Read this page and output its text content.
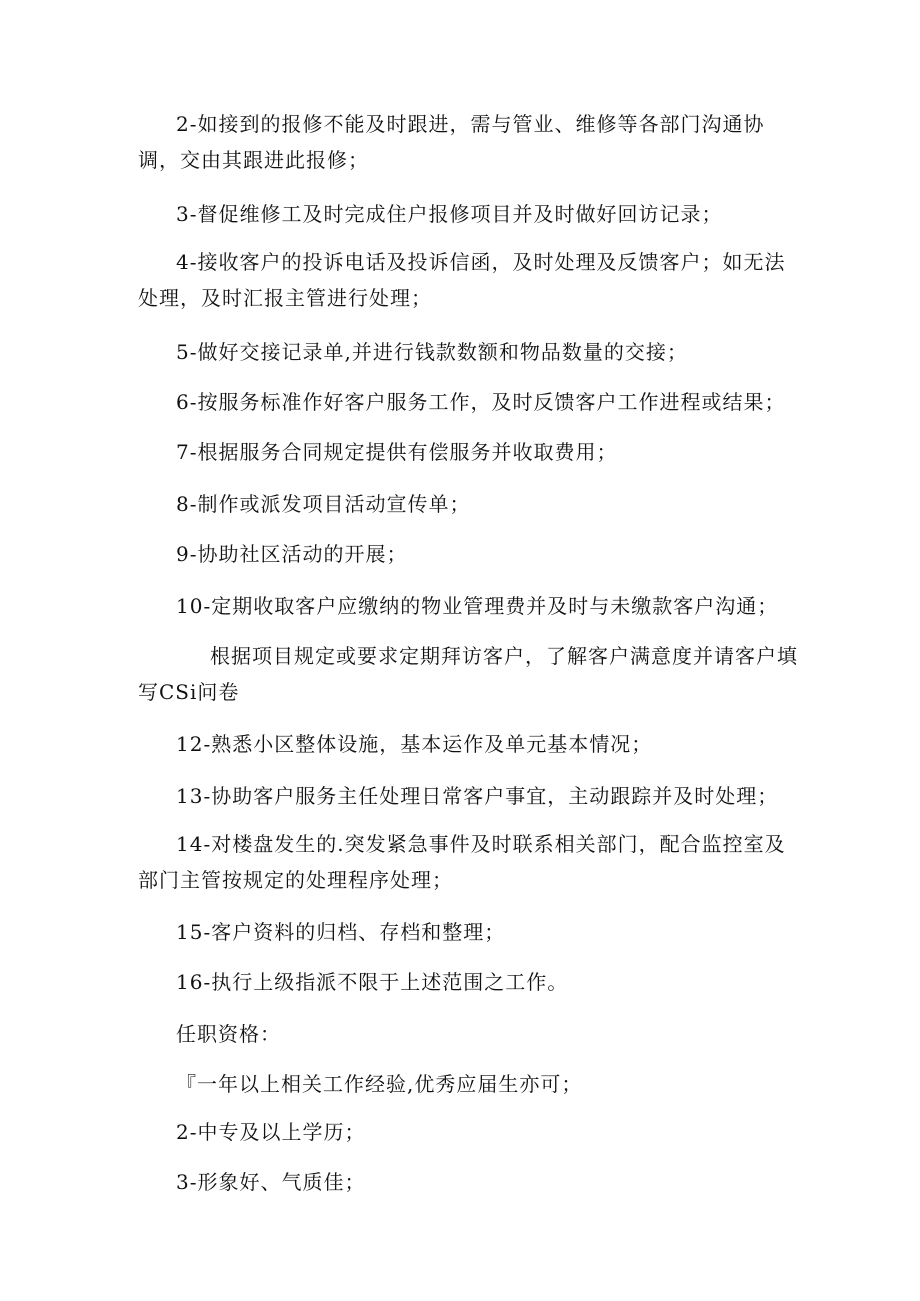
2-如接到的报修不能及时跟进，需与管业、维修等各部门沟通协调，交由其跟进此报修；
3-督促维修工及时完成住户报修项目并及时做好回访记录；
4-接收客户的投诉电话及投诉信函，及时处理及反馈客户；如无法处理，及时汇报主管进行处理；
5-做好交接记录单,并进行钱款数额和物品数量的交接；
6-按服务标准作好客户服务工作，及时反馈客户工作进程或结果；
7-根据服务合同规定提供有偿服务并收取费用；
8-制作或派发项目活动宣传单；
9-协助社区活动的开展；
10-定期收取客户应缴纳的物业管理费并及时与未缴款客户沟通；
根据项目规定或要求定期拜访客户，了解客户满意度并请客户填写CSi问卷
12-熟悉小区整体设施，基本运作及单元基本情况；
13-协助客户服务主任处理日常客户事宜，主动跟踪并及时处理；
14-对楼盘发生的.突发紧急事件及时联系相关部门，配合监控室及部门主管按规定的处理程序处理；
15-客户资料的归档、存档和整理；
16-执行上级指派不限于上述范围之工作。
任职资格：
『一年以上相关工作经验,优秀应届生亦可；
2-中专及以上学历；
3-形象好、气质佳；
